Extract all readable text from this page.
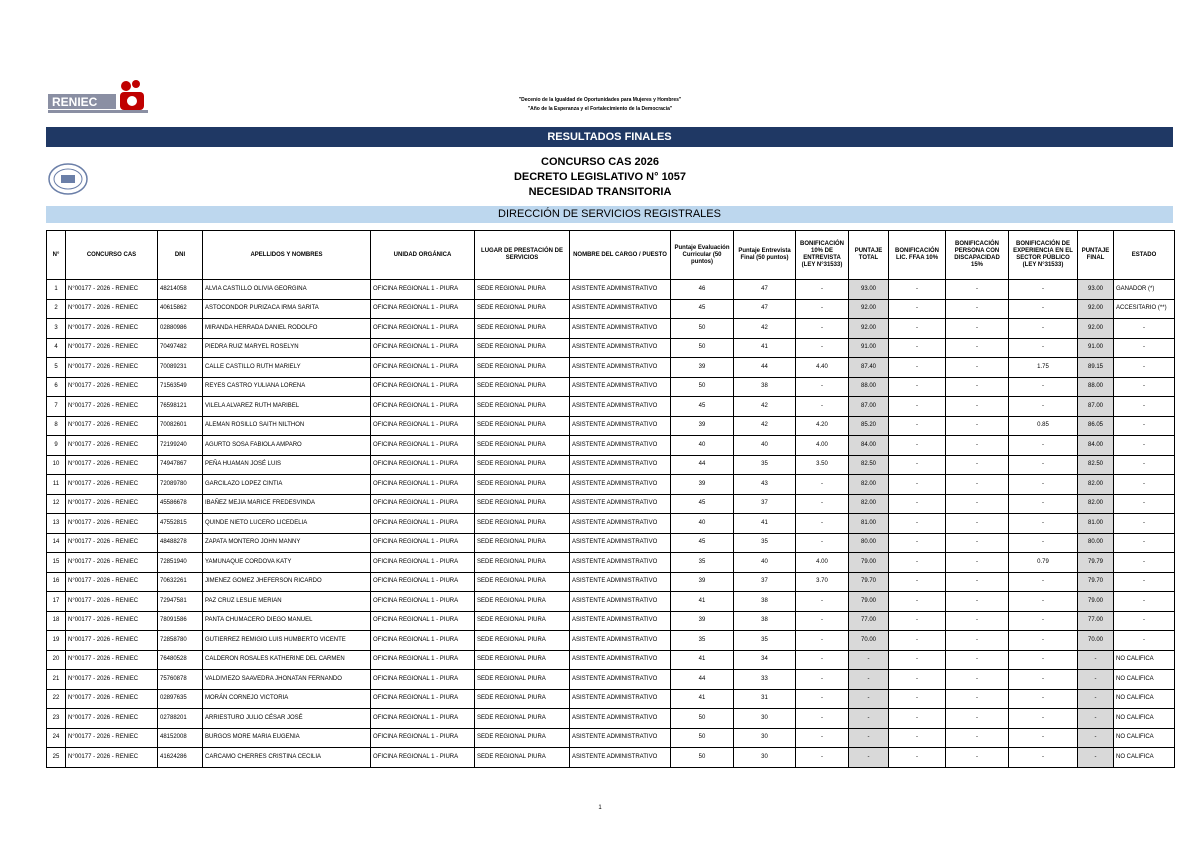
RENIEC	"Decenio de la Igualdad de Oportunidades para Mujeres y Hombres"
"Año de la Esperanza y el Fortalecimiento de la Democracia"
RESULTADOS FINALES
CONCURSO CAS 2026
DECRETO LEGISLATIVO N° 1057
NECESIDAD TRANSITORIA
DIRECCIÓN DE SERVICIOS REGISTRALES
N°	CONCURSO CAS	DNI	APELLIDOS Y NOMBRES	UNIDAD ORGÁNICA	LUGAR DE PRESTACIÓN DE SERVICIOS	NOMBRE DEL CARGO / PUESTO	Puntaje Evaluación Curricular (50 puntos)	Puntaje Entrevista Final (50 puntos)	BONIFICACIÓN 10% DE ENTREVISTA (LEY N°31533)	PUNTAJE TOTAL	BONIFICACIÓN LIC. FFAA 10%	BONIFICACIÓN PERSONA CON DISCAPACIDAD 15%	BONIFICACIÓN DE EXPERIENCIA EN EL SECTOR PÚBLICO (LEY N°31533)	PUNTAJE FINAL	ESTADO
1	N°00177 - 2026 - RENIEC	48214058	ALVIA CASTILLO OLIVIA GEORGINA	OFICINA REGIONAL 1 - PIURA	SEDE REGIONAL PIURA	ASISTENTE ADMINISTRATIVO	46	47	-	93.00	-	-	-	93.00	GANADOR (*)
2	N°00177 - 2026 - RENIEC	40615862	ASTOCONDOR PURIZACA IRMA SARITA	OFICINA REGIONAL 1 - PIURA	SEDE REGIONAL PIURA	ASISTENTE ADMINISTRATIVO	45	47	-	92.00	-	-	-	92.00	ACCESITARIO (**)
3	N°00177 - 2026 - RENIEC	02880986	MIRANDA HERRADA DANIEL RODOLFO	OFICINA REGIONAL 1 - PIURA	SEDE REGIONAL PIURA	ASISTENTE ADMINISTRATIVO	50	42	-	92.00	-	-	-	92.00	-
4	N°00177 - 2026 - RENIEC	70497482	PIEDRA RUIZ MARYEL ROSELYN	OFICINA REGIONAL 1 - PIURA	SEDE REGIONAL PIURA	ASISTENTE ADMINISTRATIVO	50	41	-	91.00	-	-	-	91.00	-
5	N°00177 - 2026 - RENIEC	70089231	CALLE CASTILLO RUTH MARIELY	OFICINA REGIONAL 1 - PIURA	SEDE REGIONAL PIURA	ASISTENTE ADMINISTRATIVO	39	44	4.40	87.40	-	-	1.75	89.15	-
6	N°00177 - 2026 - RENIEC	71563549	REYES CASTRO YULIANA LORENA	OFICINA REGIONAL 1 - PIURA	SEDE REGIONAL PIURA	ASISTENTE ADMINISTRATIVO	50	38	-	88.00	-	-	-	88.00	-
7	N°00177 - 2026 - RENIEC	76598121	VILELA ALVAREZ RUTH MARIBEL	OFICINA REGIONAL 1 - PIURA	SEDE REGIONAL PIURA	ASISTENTE ADMINISTRATIVO	45	42	-	87.00	-	-	-	87.00	-
8	N°00177 - 2026 - RENIEC	70082601	ALEMAN ROSILLO SAITH NILTHON	OFICINA REGIONAL 1 - PIURA	SEDE REGIONAL PIURA	ASISTENTE ADMINISTRATIVO	39	42	4.20	85.20	-	-	0.85	86.05	-
9	N°00177 - 2026 - RENIEC	72199240	AGURTO SOSA FABIOLA AMPARO	OFICINA REGIONAL 1 - PIURA	SEDE REGIONAL PIURA	ASISTENTE ADMINISTRATIVO	40	40	4.00	84.00	-	-	-	84.00	-
10	N°00177 - 2026 - RENIEC	74947867	PEÑA HUAMAN JOSÉ LUIS	OFICINA REGIONAL 1 - PIURA	SEDE REGIONAL PIURA	ASISTENTE ADMINISTRATIVO	44	35	3.50	82.50	-	-	-	82.50	-
11	N°00177 - 2026 - RENIEC	72089780	GARCILAZO LOPEZ CINTIA	OFICINA REGIONAL 1 - PIURA	SEDE REGIONAL PIURA	ASISTENTE ADMINISTRATIVO	39	43	-	82.00	-	-	-	82.00	-
12	N°00177 - 2026 - RENIEC	45586678	IBAÑEZ MEJIA MARICE FREDESVINDA	OFICINA REGIONAL 1 - PIURA	SEDE REGIONAL PIURA	ASISTENTE ADMINISTRATIVO	45	37	-	82.00	-	-	-	82.00	-
13	N°00177 - 2026 - RENIEC	47552815	QUINDE NIETO LUCERO LICEDELIA	OFICINA REGIONAL 1 - PIURA	SEDE REGIONAL PIURA	ASISTENTE ADMINISTRATIVO	40	41	-	81.00	-	-	-	81.00	-
14	N°00177 - 2026 - RENIEC	48488278	ZAPATA MONTERO JOHN MANNY	OFICINA REGIONAL 1 - PIURA	SEDE REGIONAL PIURA	ASISTENTE ADMINISTRATIVO	45	35	-	80.00	-	-	-	80.00	-
15	N°00177 - 2026 - RENIEC	72851940	YAMUNAQUE CORDOVA KATY	OFICINA REGIONAL 1 - PIURA	SEDE REGIONAL PIURA	ASISTENTE ADMINISTRATIVO	35	40	4.00	79.00	-	-	0.79	79.79	-
16	N°00177 - 2026 - RENIEC	70632261	JIMENEZ GOMEZ JHEFERSON RICARDO	OFICINA REGIONAL 1 - PIURA	SEDE REGIONAL PIURA	ASISTENTE ADMINISTRATIVO	39	37	3.70	79.70	-	-	-	79.70	-
17	N°00177 - 2026 - RENIEC	72947581	PAZ CRUZ LESLIE MERIAN	OFICINA REGIONAL 1 - PIURA	SEDE REGIONAL PIURA	ASISTENTE ADMINISTRATIVO	41	38	-	79.00	-	-	-	79.00	-
18	N°00177 - 2026 - RENIEC	78091586	PANTA CHUMACERO DIEGO MANUEL	OFICINA REGIONAL 1 - PIURA	SEDE REGIONAL PIURA	ASISTENTE ADMINISTRATIVO	39	38	-	77.00	-	-	-	77.00	-
19	N°00177 - 2026 - RENIEC	72858780	GUTIERREZ REMIGIO LUIS HUMBERTO VICENTE	OFICINA REGIONAL 1 - PIURA	SEDE REGIONAL PIURA	ASISTENTE ADMINISTRATIVO	35	35	-	70.00	-	-	-	70.00	-
20	N°00177 - 2026 - RENIEC	76480528	CALDERON ROSALES KATHERINE DEL CARMEN	OFICINA REGIONAL 1 - PIURA	SEDE REGIONAL PIURA	ASISTENTE ADMINISTRATIVO	41	34	-	-	-	-	-	-	NO CALIFICA
21	N°00177 - 2026 - RENIEC	75760878	VALDIVIEZO SAAVEDRA JHONATAN FERNANDO	OFICINA REGIONAL 1 - PIURA	SEDE REGIONAL PIURA	ASISTENTE ADMINISTRATIVO	44	33	-	-	-	-	-	-	NO CALIFICA
22	N°00177 - 2026 - RENIEC	02897635	MORÁN CORNEJO VICTORIA	OFICINA REGIONAL 1 - PIURA	SEDE REGIONAL PIURA	ASISTENTE ADMINISTRATIVO	41	31	-	-	-	-	-	-	NO CALIFICA
23	N°00177 - 2026 - RENIEC	02788201	ARRIESTURO JULIO CÉSAR JOSÉ	OFICINA REGIONAL 1 - PIURA	SEDE REGIONAL PIURA	ASISTENTE ADMINISTRATIVO	50	30	-	-	-	-	-	-	NO CALIFICA
24	N°00177 - 2026 - RENIEC	48152008	BURGOS MORE MARIA EUGENIA	OFICINA REGIONAL 1 - PIURA	SEDE REGIONAL PIURA	ASISTENTE ADMINISTRATIVO	50	30	-	-	-	-	-	-	NO CALIFICA
25	N°00177 - 2026 - RENIEC	41624286	CARCAMO CHERRES CRISTINA CECILIA	OFICINA REGIONAL 1 - PIURA	SEDE REGIONAL PIURA	ASISTENTE ADMINISTRATIVO	50	30	-	-	-	-	-	-	NO CALIFICA
1
